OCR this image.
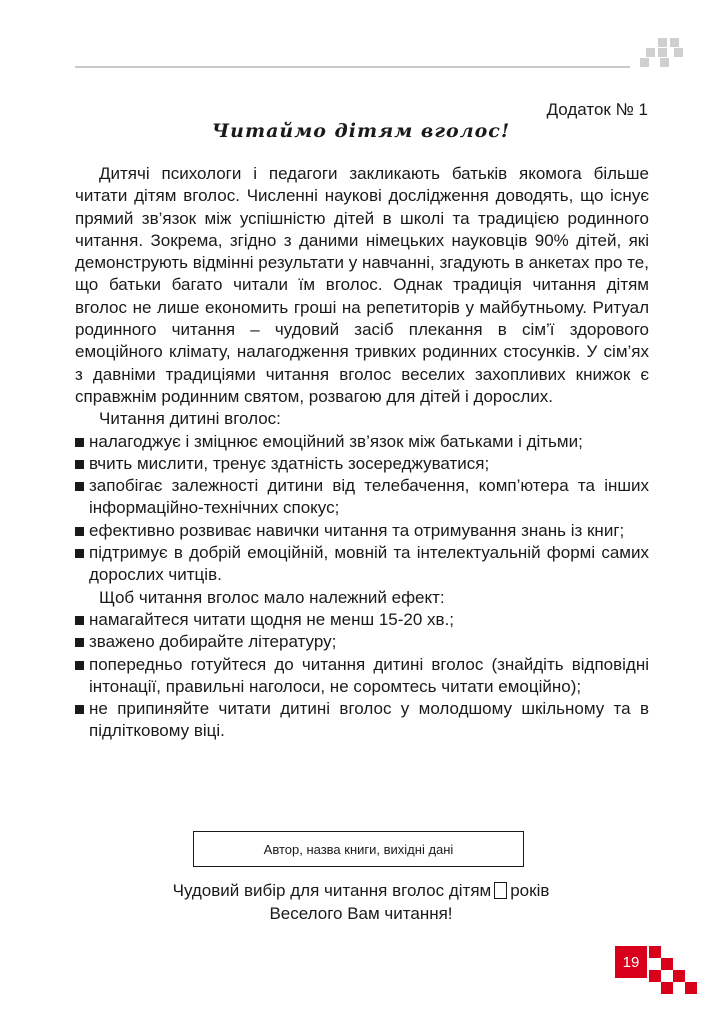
Додаток № 1
Читаймо дітям вголос!

Дитячі психологи і педагоги закликають батьків якомога більше читати дітям вголос. Численні наукові дослідження доводять, що існує прямий зв’язок між успішністю дітей в школі та традицією родинного читання. Зокрема, згідно з даними німецьких науковців 90% дітей, які демонструють відмінні результати у навчанні, згадують в анкетах про те, що батьки багато читали їм вголос. Однак традиція читання дітям вголос не лише економить гроші на репетиторів у майбутньому. Ритуал родинного читання – чудовий засіб плекання в сім’ї здорового емоційного клімату, налагодження тривких родинних стосунків. У сім’ях з давніми традиціями читання вголос веселих захопливих книжок є справжнім родинним святом, розвагою для дітей і дорослих.

Читання дитині вголос:

налагоджує і зміцнює емоційний зв’язок між батьками і дітьми;
вчить мислити, тренує здатність зосереджуватися;
запобігає залежності дитини від телебачення, комп’ютера та інших інформаційно-технічних спокус;
ефективно розвиває навички читання та отримування знань із книг;
підтримує в добрій емоційній, мовній та інтелектуальній формі самих дорослих читців.

Щоб читання вголос мало належний ефект:

намагайтеся читати щодня не менш 15-20 хв.;
зважено добирайте літературу;
попередньо готуйтеся до читання дитині вголос (знайдіть відповідні інтонації, правильні наголоси, не соромтесь читати емоційно);
не припиняйте читати дитині вголос у молодшому шкільному та в підлітковому віці.
Автор, назва книги, вихідні дані
Чудовий вибір для читання вголос дітям років
Веселого Вам читання!
19
